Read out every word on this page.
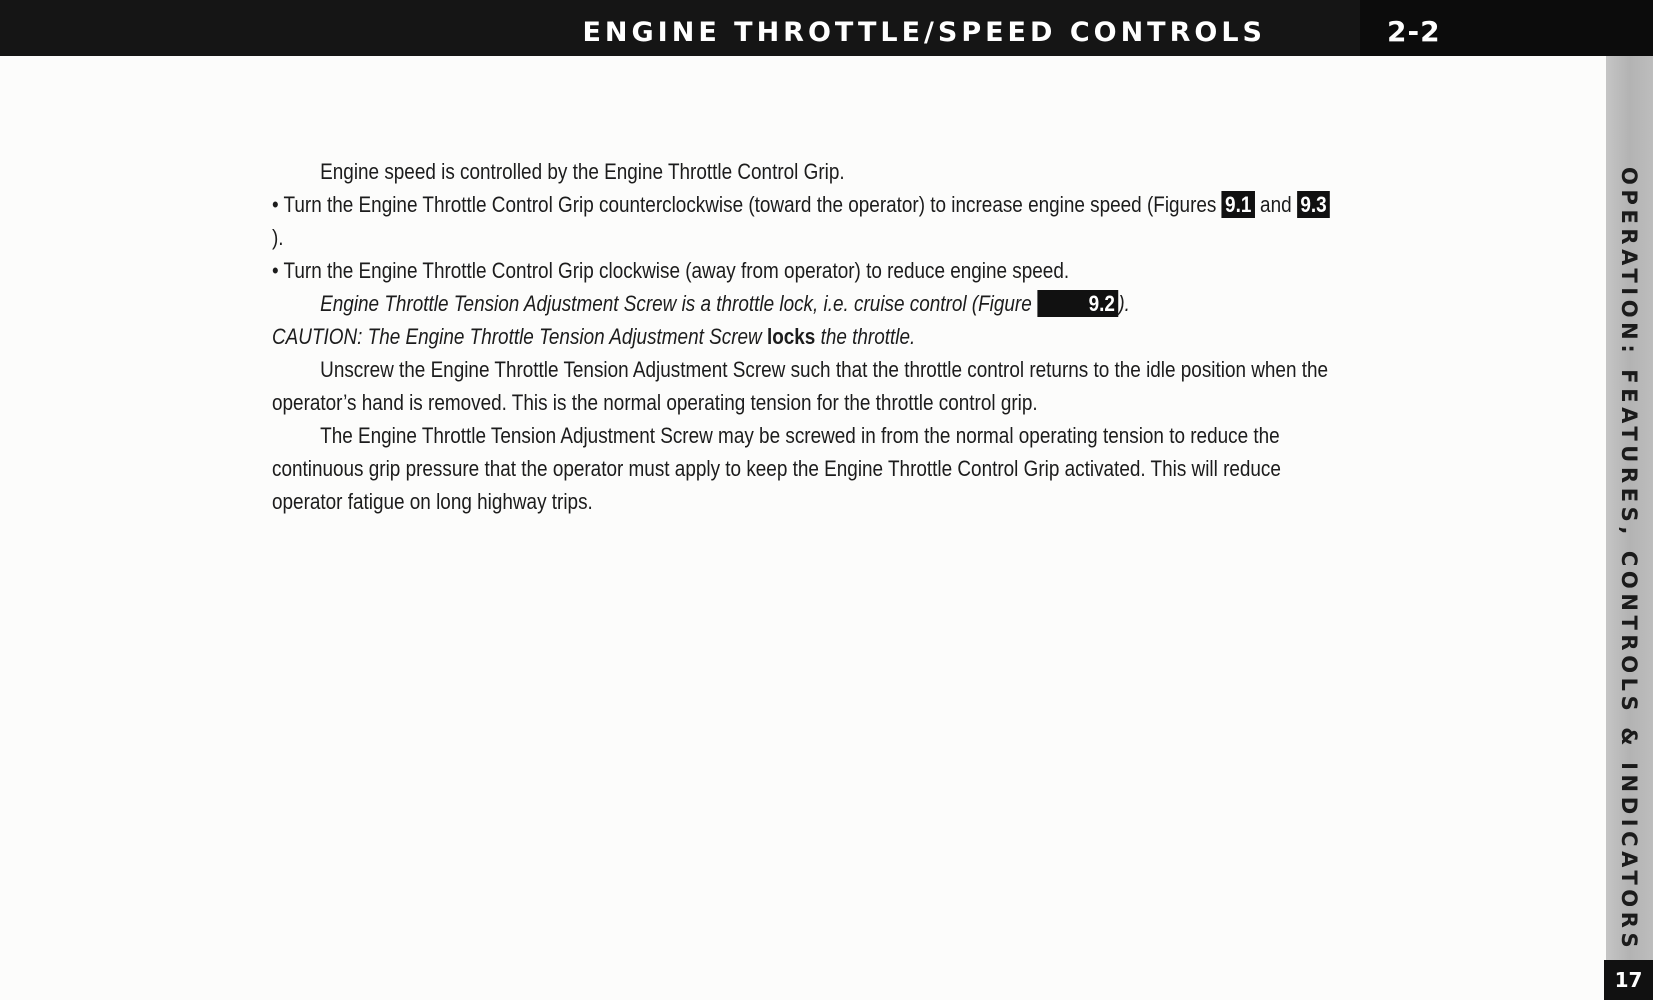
ENGINE THROTTLE/SPEED CONTROLS	2-2
OPERATION: FEATURES, CONTROLS & INDICATORS
17

Engine speed is controlled by the Engine Throttle Control Grip.

• Turn the Engine Throttle Control Grip counterclockwise (toward the operator) to increase engine speed (Figures 9.1 and 9.3).

• Turn the Engine Throttle Control Grip clockwise (away from operator) to reduce engine speed.

Engine Throttle Tension Adjustment Screw is a throttle lock, i.e. cruise control (Figure 9.2 ).

CAUTION: The Engine Throttle Tension Adjustment Screw locks the throttle.

Unscrew the Engine Throttle Tension Adjustment Screw such that the throttle control returns to the idle position when the operator’s hand is removed. This is the normal operating tension for the throttle control grip.

The Engine Throttle Tension Adjustment Screw may be screwed in from the normal operating tension to reduce the continuous grip pressure that the operator must apply to keep the Engine Throttle Control Grip activated. This will reduce operator fatigue on long highway trips.
